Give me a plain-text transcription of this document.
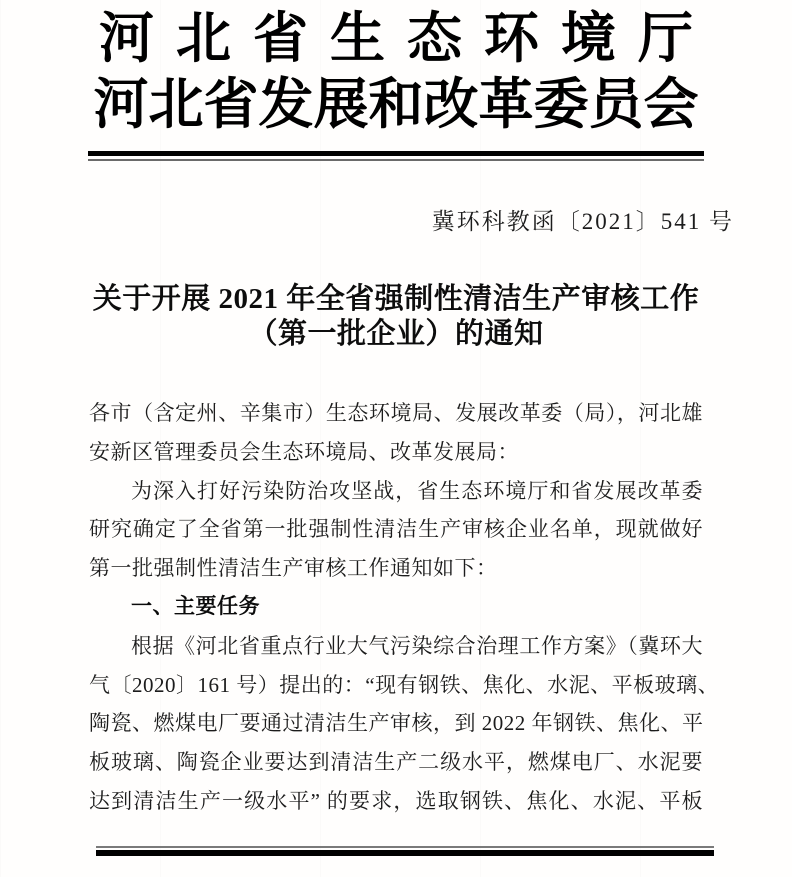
河北省生态环境厅
河北省发展和改革委员会
冀环科教函〔2021〕541 号
关于开展 2021 年全省强制性清洁生产审核工作
（第一批企业）的通知
各市（含定州、辛集市）生态环境局、发展改革委（局），河北雄
安新区管理委员会生态环境局、改革发展局：
为深入打好污染防治攻坚战，省生态环境厅和省发展改革委
研究确定了全省第一批强制性清洁生产审核企业名单，现就做好
第一批强制性清洁生产审核工作通知如下：
一、主要任务
根据《河北省重点行业大气污染综合治理工作方案》（冀环大
气〔2020〕161 号）提出的：“现有钢铁、焦化、水泥、平板玻璃、
陶瓷、燃煤电厂要通过清洁生产审核，到 2022 年钢铁、焦化、平
板玻璃、陶瓷企业要达到清洁生产二级水平，燃煤电厂、水泥要
达到清洁生产一级水平” 的要求，选取钢铁、焦化、水泥、平板
